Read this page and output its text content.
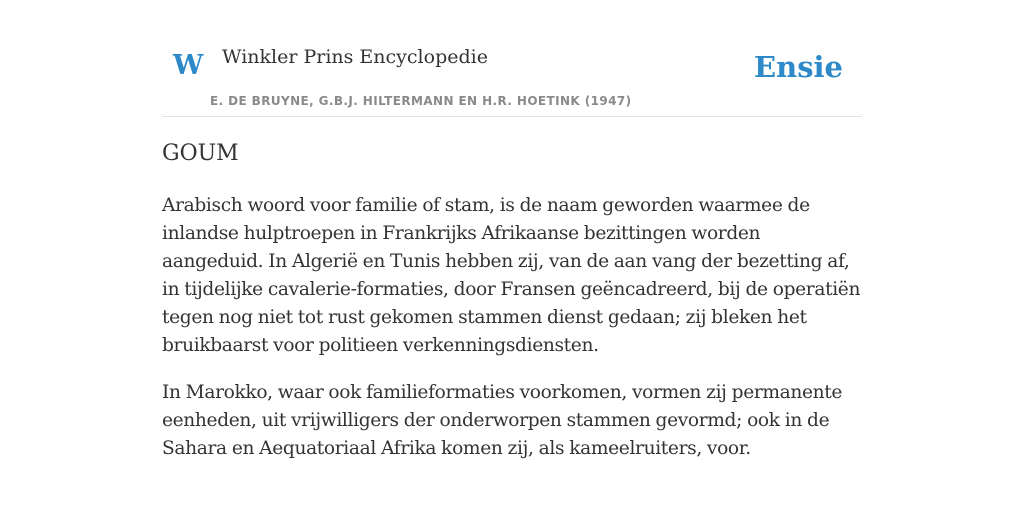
W Winkler Prins Encyclopedie
E. DE BRUYNE, G.B.J. HILTERMANN EN H.R. HOETINK (1947)
Ensie
GOUM

Arabisch woord voor familie of stam, is de naam geworden waarmee de inlandse hulptroepen in Frankrijks Afrikaanse bezittingen worden aangeduid. In Algerië en Tunis hebben zij, van de aan vang der bezetting af, in tijdelijke cavalerie-formaties, door Fransen geëncadreerd, bij de operatiën tegen nog niet tot rust gekomen stammen dienst gedaan; zij bleken het bruikbaarst voor politieen verkenningsdiensten.

In Marokko, waar ook familieformaties voorkomen, vormen zij permanente eenheden, uit vrijwilligers der onderworpen stammen gevormd; ook in de Sahara en Aequatoriaal Afrika komen zij, als kameelruiters, voor.
